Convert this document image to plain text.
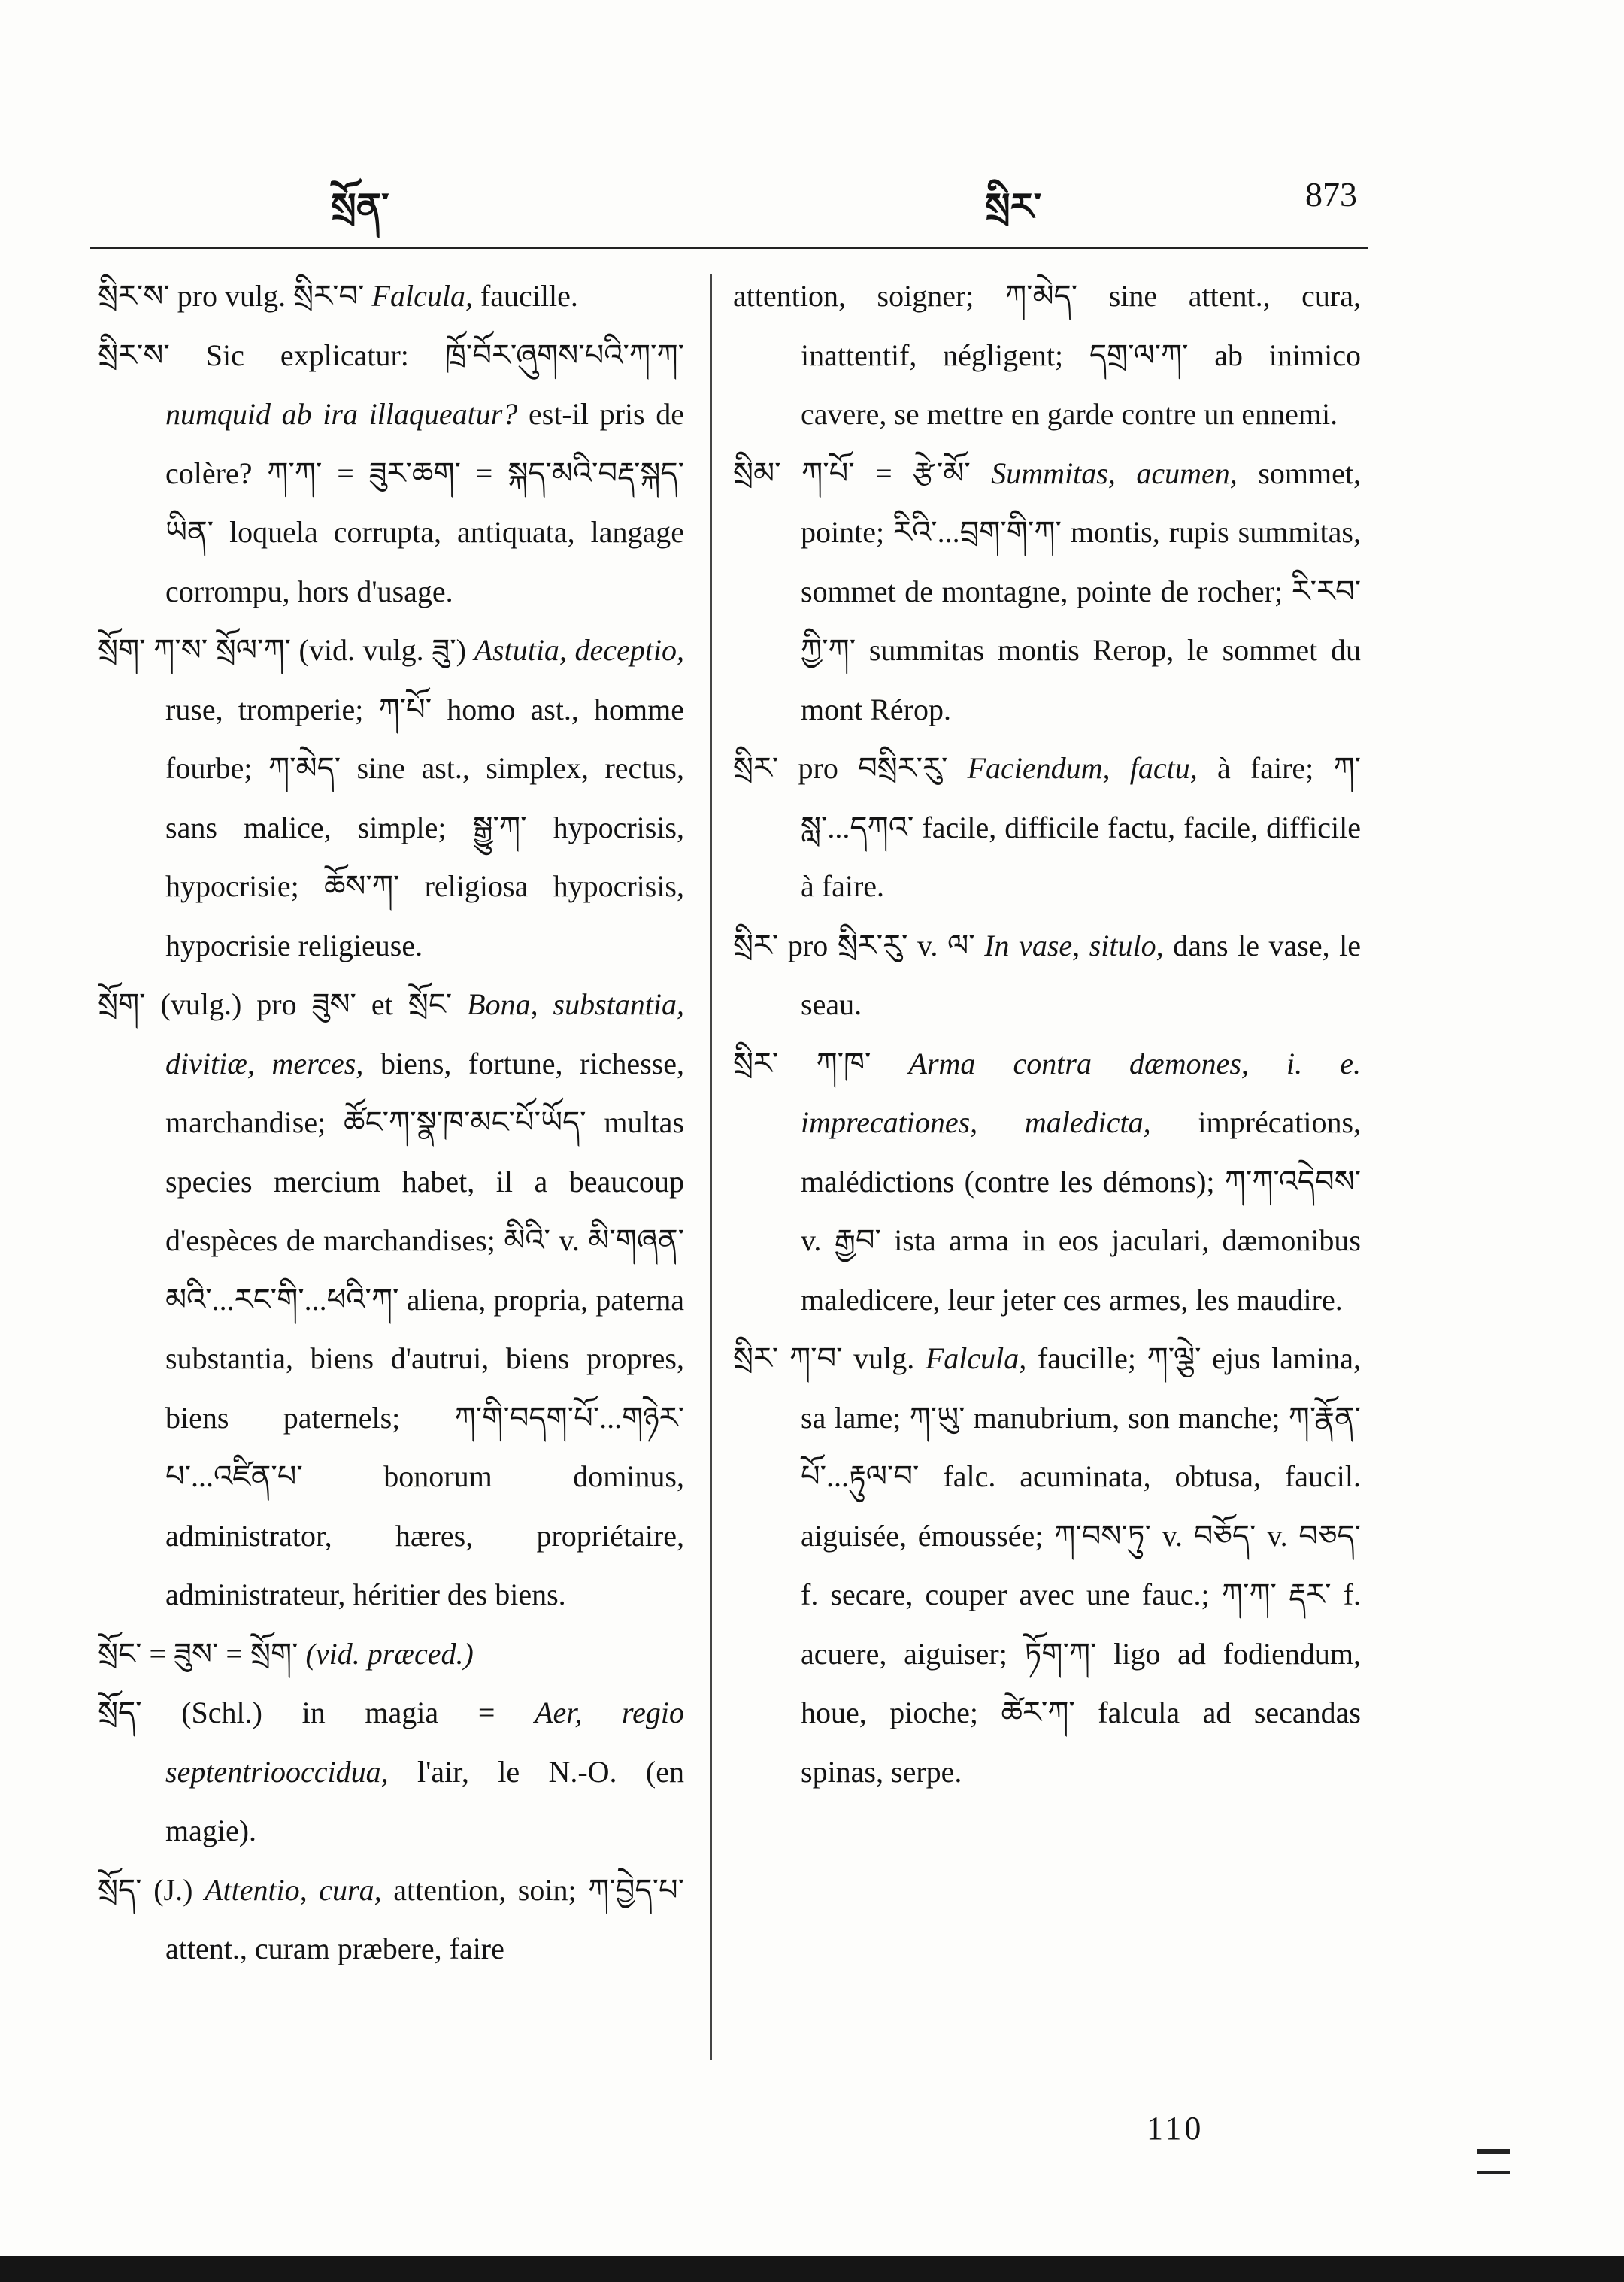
སྲོན་	སྲིར་	873

སྲིར་ས་ pro vulg. སྲིར་བ་ Falcula, faucille.

སྲིར་ས་ Sic explicatur: ཁྲོ་བོར་ཞུགས་པའི་ཀ་ཀ་ numquid ab ira illaqueatur? est-il pris de colère? ཀ་ཀ་ = ཟུར་ཆག་ = སྐད་མའི་བརྡ་སྐད་ཡིན་ loquela corrupta, antiquata, langage corrompu, hors d'usage.

སྲོག་ ཀ་ས་ སྲོལ་ཀ་ (vid. vulg. ཟུ་) Astutia, deceptio, ruse, tromperie; ཀ་པོ་ homo ast., homme fourbe; ཀ་མེད་ sine ast., simplex, rectus, sans malice, simple; སྒྱུ་ཀ་ hypocrisis, hypocrisie; ཆོས་ཀ་ religiosa hypocrisis, hypocrisie religieuse.

སྲོག་ (vulg.) pro ཟུས་ et སྲོང་ Bona, substantia, divitiæ, merces, biens, fortune, richesse, marchandise; ཚོང་ཀ་སྣ་ཁ་མང་པོ་ཡོད་ multas species mercium habet, il a beaucoup d'espèces de marchandises; མིའི་ v. མི་གཞན་མའི་...རང་གི་...ཕའི་ཀ་ aliena, propria, paterna substantia, biens d'autrui, biens propres, biens paternels; ཀ་གི་བདག་པོ་...གཉེར་པ་...འཛིན་པ་ bonorum dominus, administrator, hæres, propriétaire, administrateur, héritier des biens.

སྲོང་ = ཟུས་ = སྲོག་ (vid. præced.)

སྲོད་ (Schl.) in magia = Aer, regio septentriooccidua, l'air, le N.-O. (en magie).

སྲོད་ (J.) Attentio, cura, attention, soin; ཀ་བྱེད་པ་ attent., curam præbere, faire

attention, soigner; ཀ་མེད་ sine attent., cura, inattentif, négligent; དགྲ་ལ་ཀ་ ab inimico cavere, se mettre en garde contre un ennemi.

སྲིམ་ ཀ་པོ་ = རྩེ་མོ་ Summitas, acumen, sommet, pointe; རིའི་...བྲག་གི་ཀ་ montis, rupis summitas, sommet de montagne, pointe de rocher; རི་རབ་ཀྱི་ཀ་ summitas montis Rerop, le sommet du mont Rérop.

སྲིར་ pro བསྲིར་རུ་ Faciendum, factu, à faire; ཀ་སླ་...དཀའ་ facile, difficile factu, facile, difficile à faire.

སྲིར་ pro སྲིར་རུ་ v. ལ་ In vase, situlo, dans le vase, le seau.

སྲིར་ ཀ་ཁ་ Arma contra dæmones, i. e. imprecationes, maledicta, imprécations, malédictions (contre les démons); ཀ་ཀ་འདེབས་ v. རྒྱབ་ ista arma in eos jaculari, dæmonibus maledicere, leur jeter ces armes, les maudire.

སྲིར་ ཀ་བ་ vulg. Falcula, faucille; ཀ་ལྕེ་ ejus lamina, sa lame; ཀ་ཡུ་ manubrium, son manche; ཀ་རྣོན་པོ་...རྟུལ་བ་ falc. acuminata, obtusa, faucil. aiguisée, émoussée; ཀ་བས་ཏུ་ v. བཅོད་ v. བཅད་ f. secare, couper avec une fauc.; ཀ་ཀ་ རྡར་ f. acuere, aiguiser; ཏོག་ཀ་ ligo ad fodiendum, houe, pioche; ཚེར་ཀ་ falcula ad secandas spinas, serpe.

110
